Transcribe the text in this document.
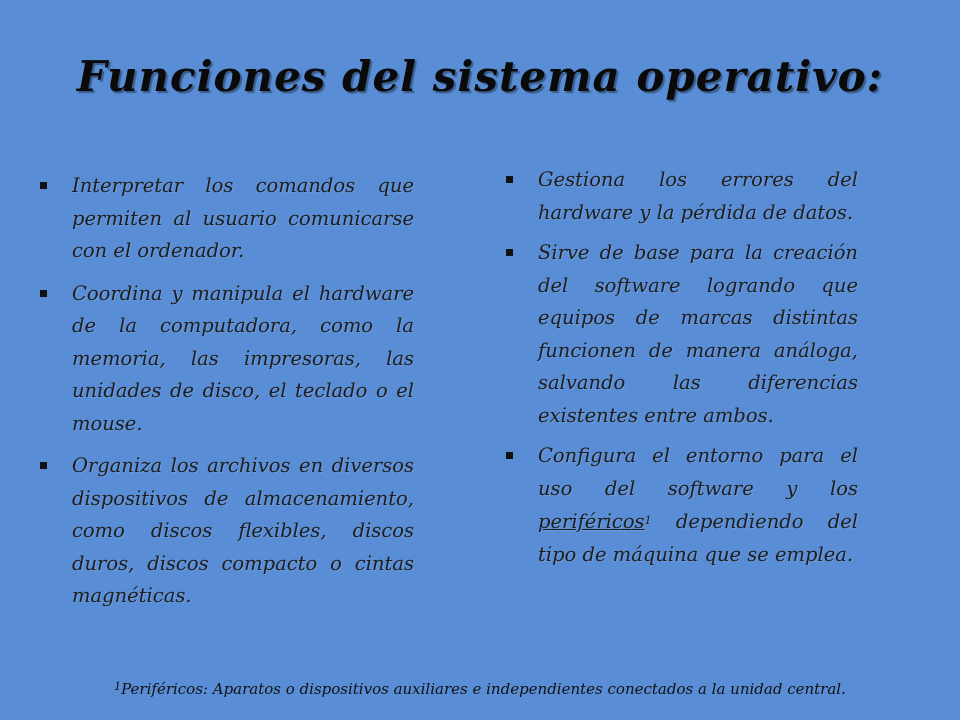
Funciones del sistema operativo:
Interpretar los comandos que permiten al usuario comunicarse con el ordenador.
Coordina y manipula el hardware de la computadora, como la memoria, las impresoras, las unidades de disco, el teclado o el mouse.
Organiza los archivos en diversos dispositivos de almacenamiento, como discos flexibles, discos duros, discos compacto o cintas magnéticas.
Gestiona los errores del hardware y la pérdida de datos.
Sirve de base para la creación del software logrando que equipos de marcas distintas funcionen de manera análoga, salvando las diferencias existentes entre ambos.
Configura el entorno para el uso del software y los periféricos$^1$ dependiendo del tipo de máquina que se emplea.
$^1$Periféricos: Aparatos o dispositivos auxiliares e independientes conectados a la unidad central.
